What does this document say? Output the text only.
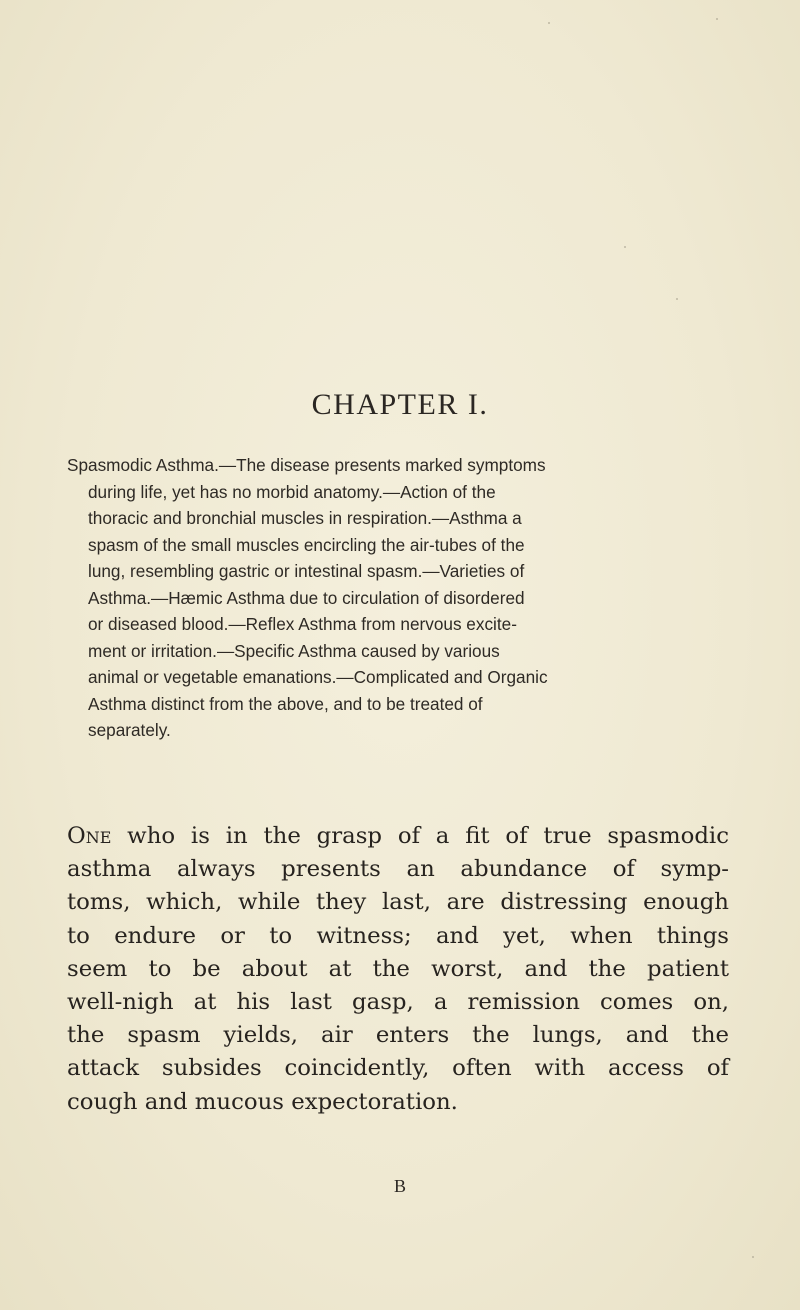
CHAPTER I.
Spasmodic Asthma.—The disease presents marked symptoms
during life, yet has no morbid anatomy.—Action of the
thoracic and bronchial muscles in respiration.—Asthma a
spasm of the small muscles encircling the air-tubes of the
lung, resembling gastric or intestinal spasm.—Varieties of
Asthma.—Hæmic Asthma due to circulation of disordered
or diseased blood.—Reflex Asthma from nervous excite-
ment or irritation.—Specific Asthma caused by various
animal or vegetable emanations.—Complicated and Organic
Asthma distinct from the above, and to be treated of
separately.
One who is in the grasp of a fit of true spasmodic
asthma always presents an abundance of symp-
toms, which, while they last, are distressing enough
to endure or to witness; and yet, when things
seem to be about at the worst, and the patient
well-nigh at his last gasp, a remission comes on,
the spasm yields, air enters the lungs, and the
attack subsides coincidently, often with access of
cough and mucous expectoration.
B
